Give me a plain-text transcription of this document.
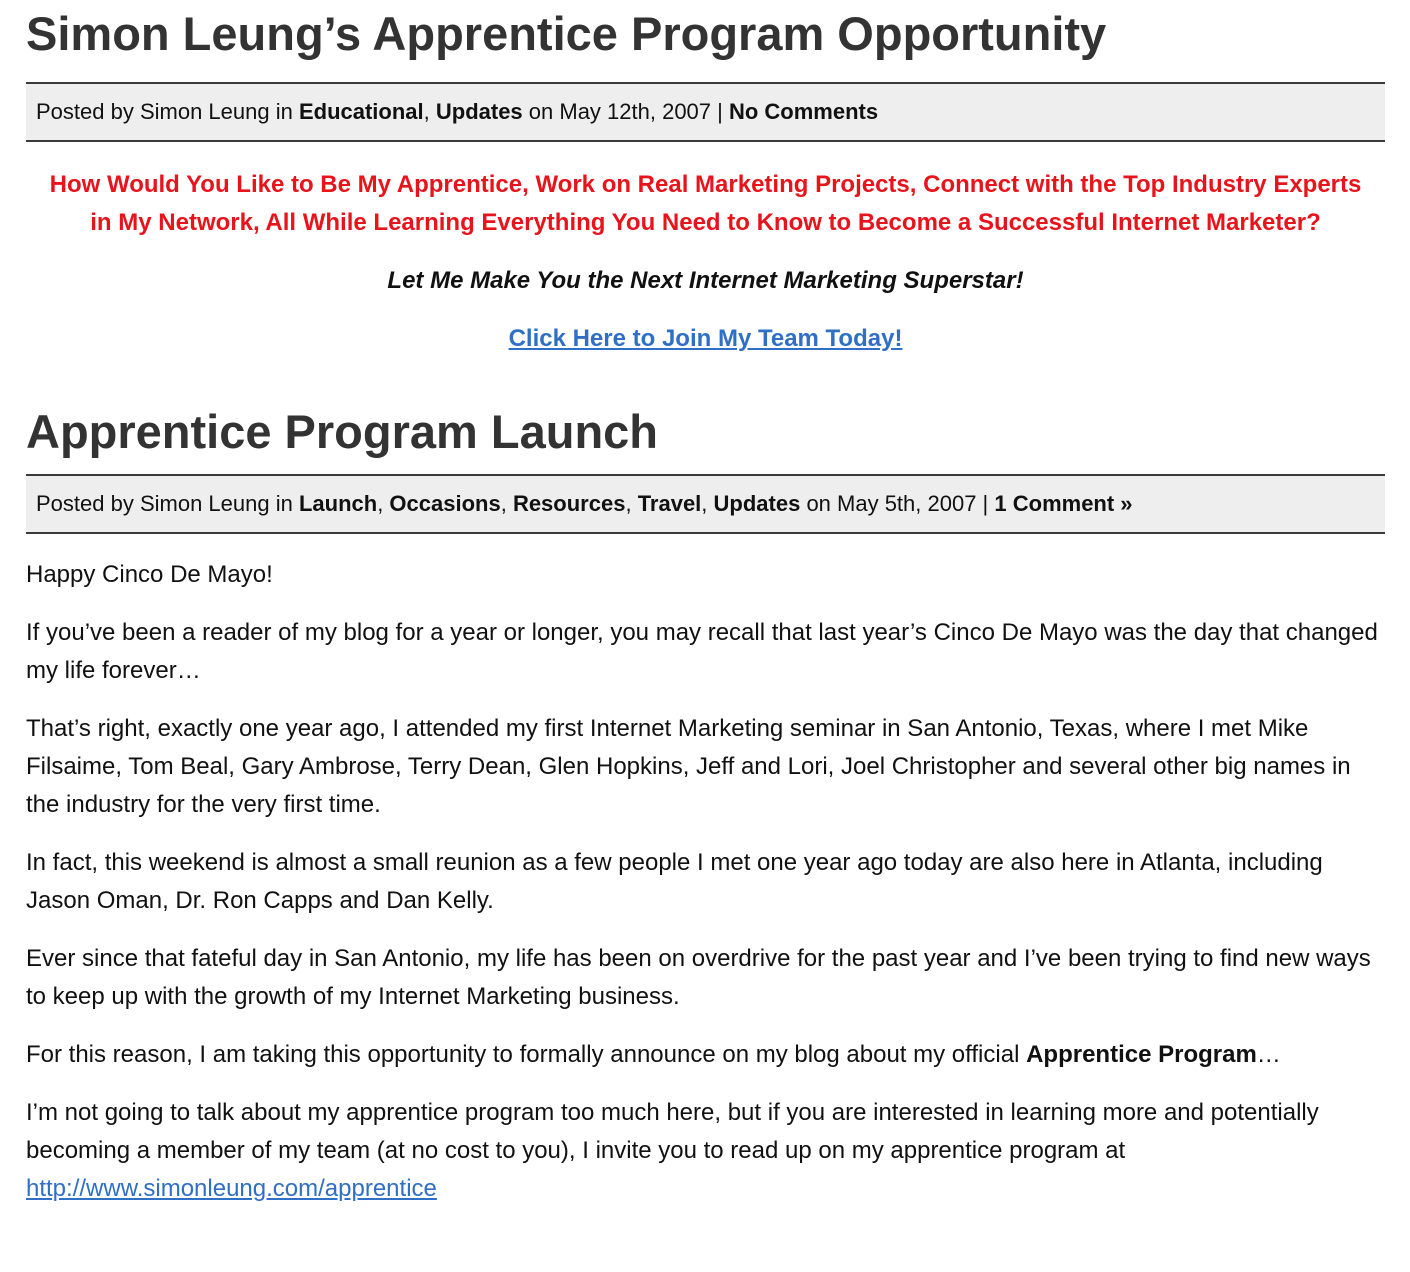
Simon Leung’s Apprentice Program Opportunity
Posted by Simon Leung in Educational, Updates on May 12th, 2007 | No Comments
How Would You Like to Be My Apprentice, Work on Real Marketing Projects, Connect with the Top Industry Experts in My Network, All While Learning Everything You Need to Know to Become a Successful Internet Marketer?
Let Me Make You the Next Internet Marketing Superstar!
Click Here to Join My Team Today!
Apprentice Program Launch
Posted by Simon Leung in Launch, Occasions, Resources, Travel, Updates on May 5th, 2007 | 1 Comment »

Happy Cinco De Mayo!

If you’ve been a reader of my blog for a year or longer, you may recall that last year’s Cinco De Mayo was the day that changed my life forever…

That’s right, exactly one year ago, I attended my first Internet Marketing seminar in San Antonio, Texas, where I met Mike Filsaime, Tom Beal, Gary Ambrose, Terry Dean, Glen Hopkins, Jeff and Lori, Joel Christopher and several other big names in the industry for the very first time.

In fact, this weekend is almost a small reunion as a few people I met one year ago today are also here in Atlanta, including Jason Oman, Dr. Ron Capps and Dan Kelly.

Ever since that fateful day in San Antonio, my life has been on overdrive for the past year and I’ve been trying to find new ways to keep up with the growth of my Internet Marketing business.

For this reason, I am taking this opportunity to formally announce on my blog about my official Apprentice Program…

I’m not going to talk about my apprentice program too much here, but if you are interested in learning more and potentially becoming a member of my team (at no cost to you), I invite you to read up on my apprentice program at http://www.simonleung.com/apprentice
